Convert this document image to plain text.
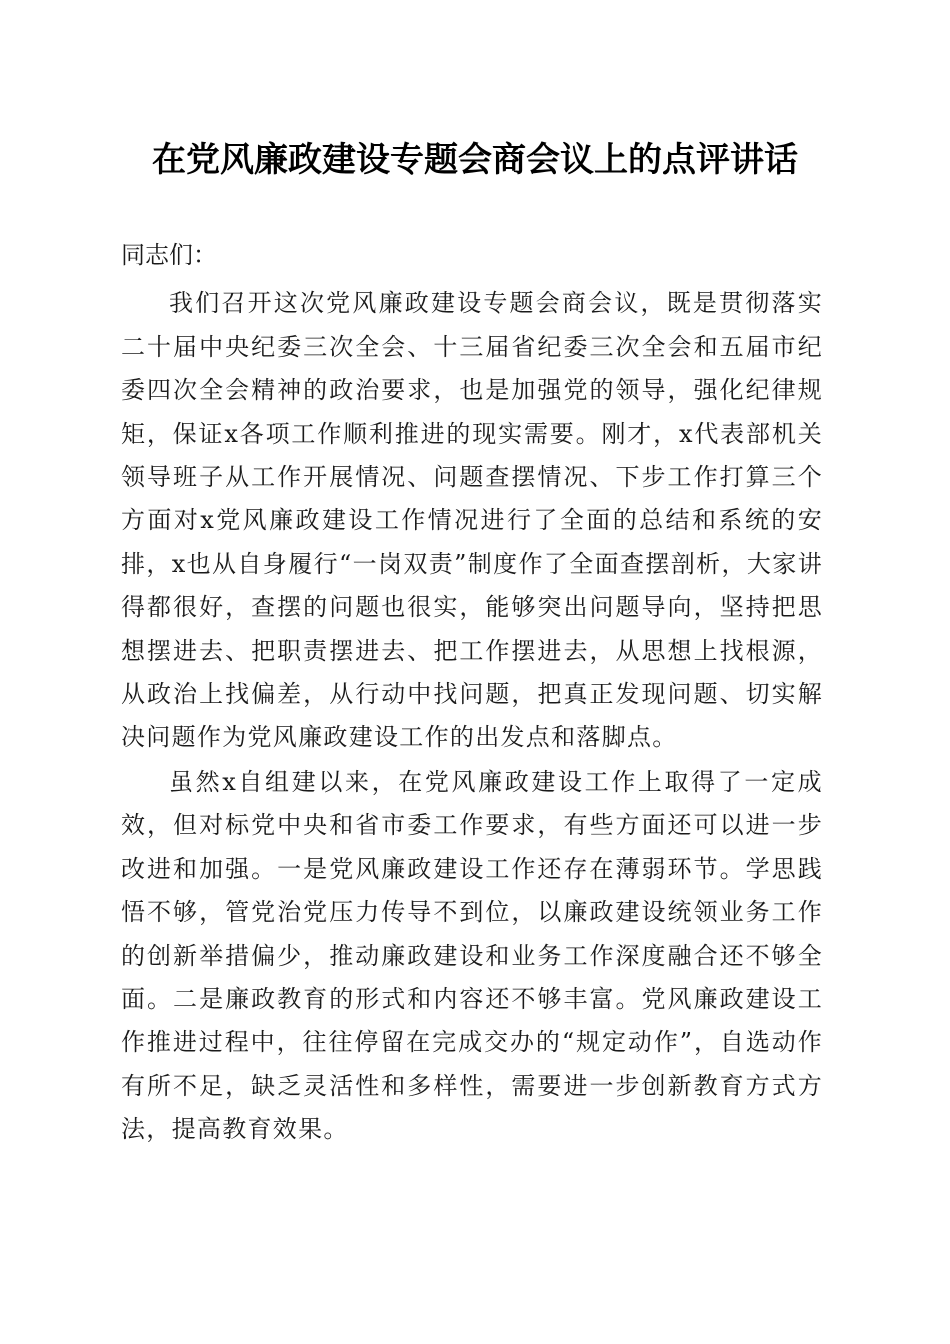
在党风廉政建设专题会商会议上的点评讲话

同志们：

我们召开这次党风廉政建设专题会商会议，既是贯彻落实二十届中央纪委三次全会、十三届省纪委三次全会和五届市纪委四次全会精神的政治要求，也是加强党的领导，强化纪律规矩，保证x各项工作顺利推进的现实需要。刚才，x代表部机关领导班子从工作开展情况、问题查摆情况、下步工作打算三个方面对x党风廉政建设工作情况进行了全面的总结和系统的安排，x也从自身履行“一岗双责”制度作了全面查摆剖析，大家讲得都很好，查摆的问题也很实，能够突出问题导向，坚持把思想摆进去、把职责摆进去、把工作摆进去，从思想上找根源，从政治上找偏差，从行动中找问题，把真正发现问题、切实解决问题作为党风廉政建设工作的出发点和落脚点。

虽然x自组建以来，在党风廉政建设工作上取得了一定成效，但对标党中央和省市委工作要求，有些方面还可以进一步改进和加强。一是党风廉政建设工作还存在薄弱环节。学思践悟不够，管党治党压力传导不到位，以廉政建设统领业务工作的创新举措偏少，推动廉政建设和业务工作深度融合还不够全面。二是廉政教育的形式和内容还不够丰富。党风廉政建设工作推进过程中，往往停留在完成交办的“规定动作”，自选动作有所不足，缺乏灵活性和多样性，需要进一步创新教育方式方法，提高教育效果。
